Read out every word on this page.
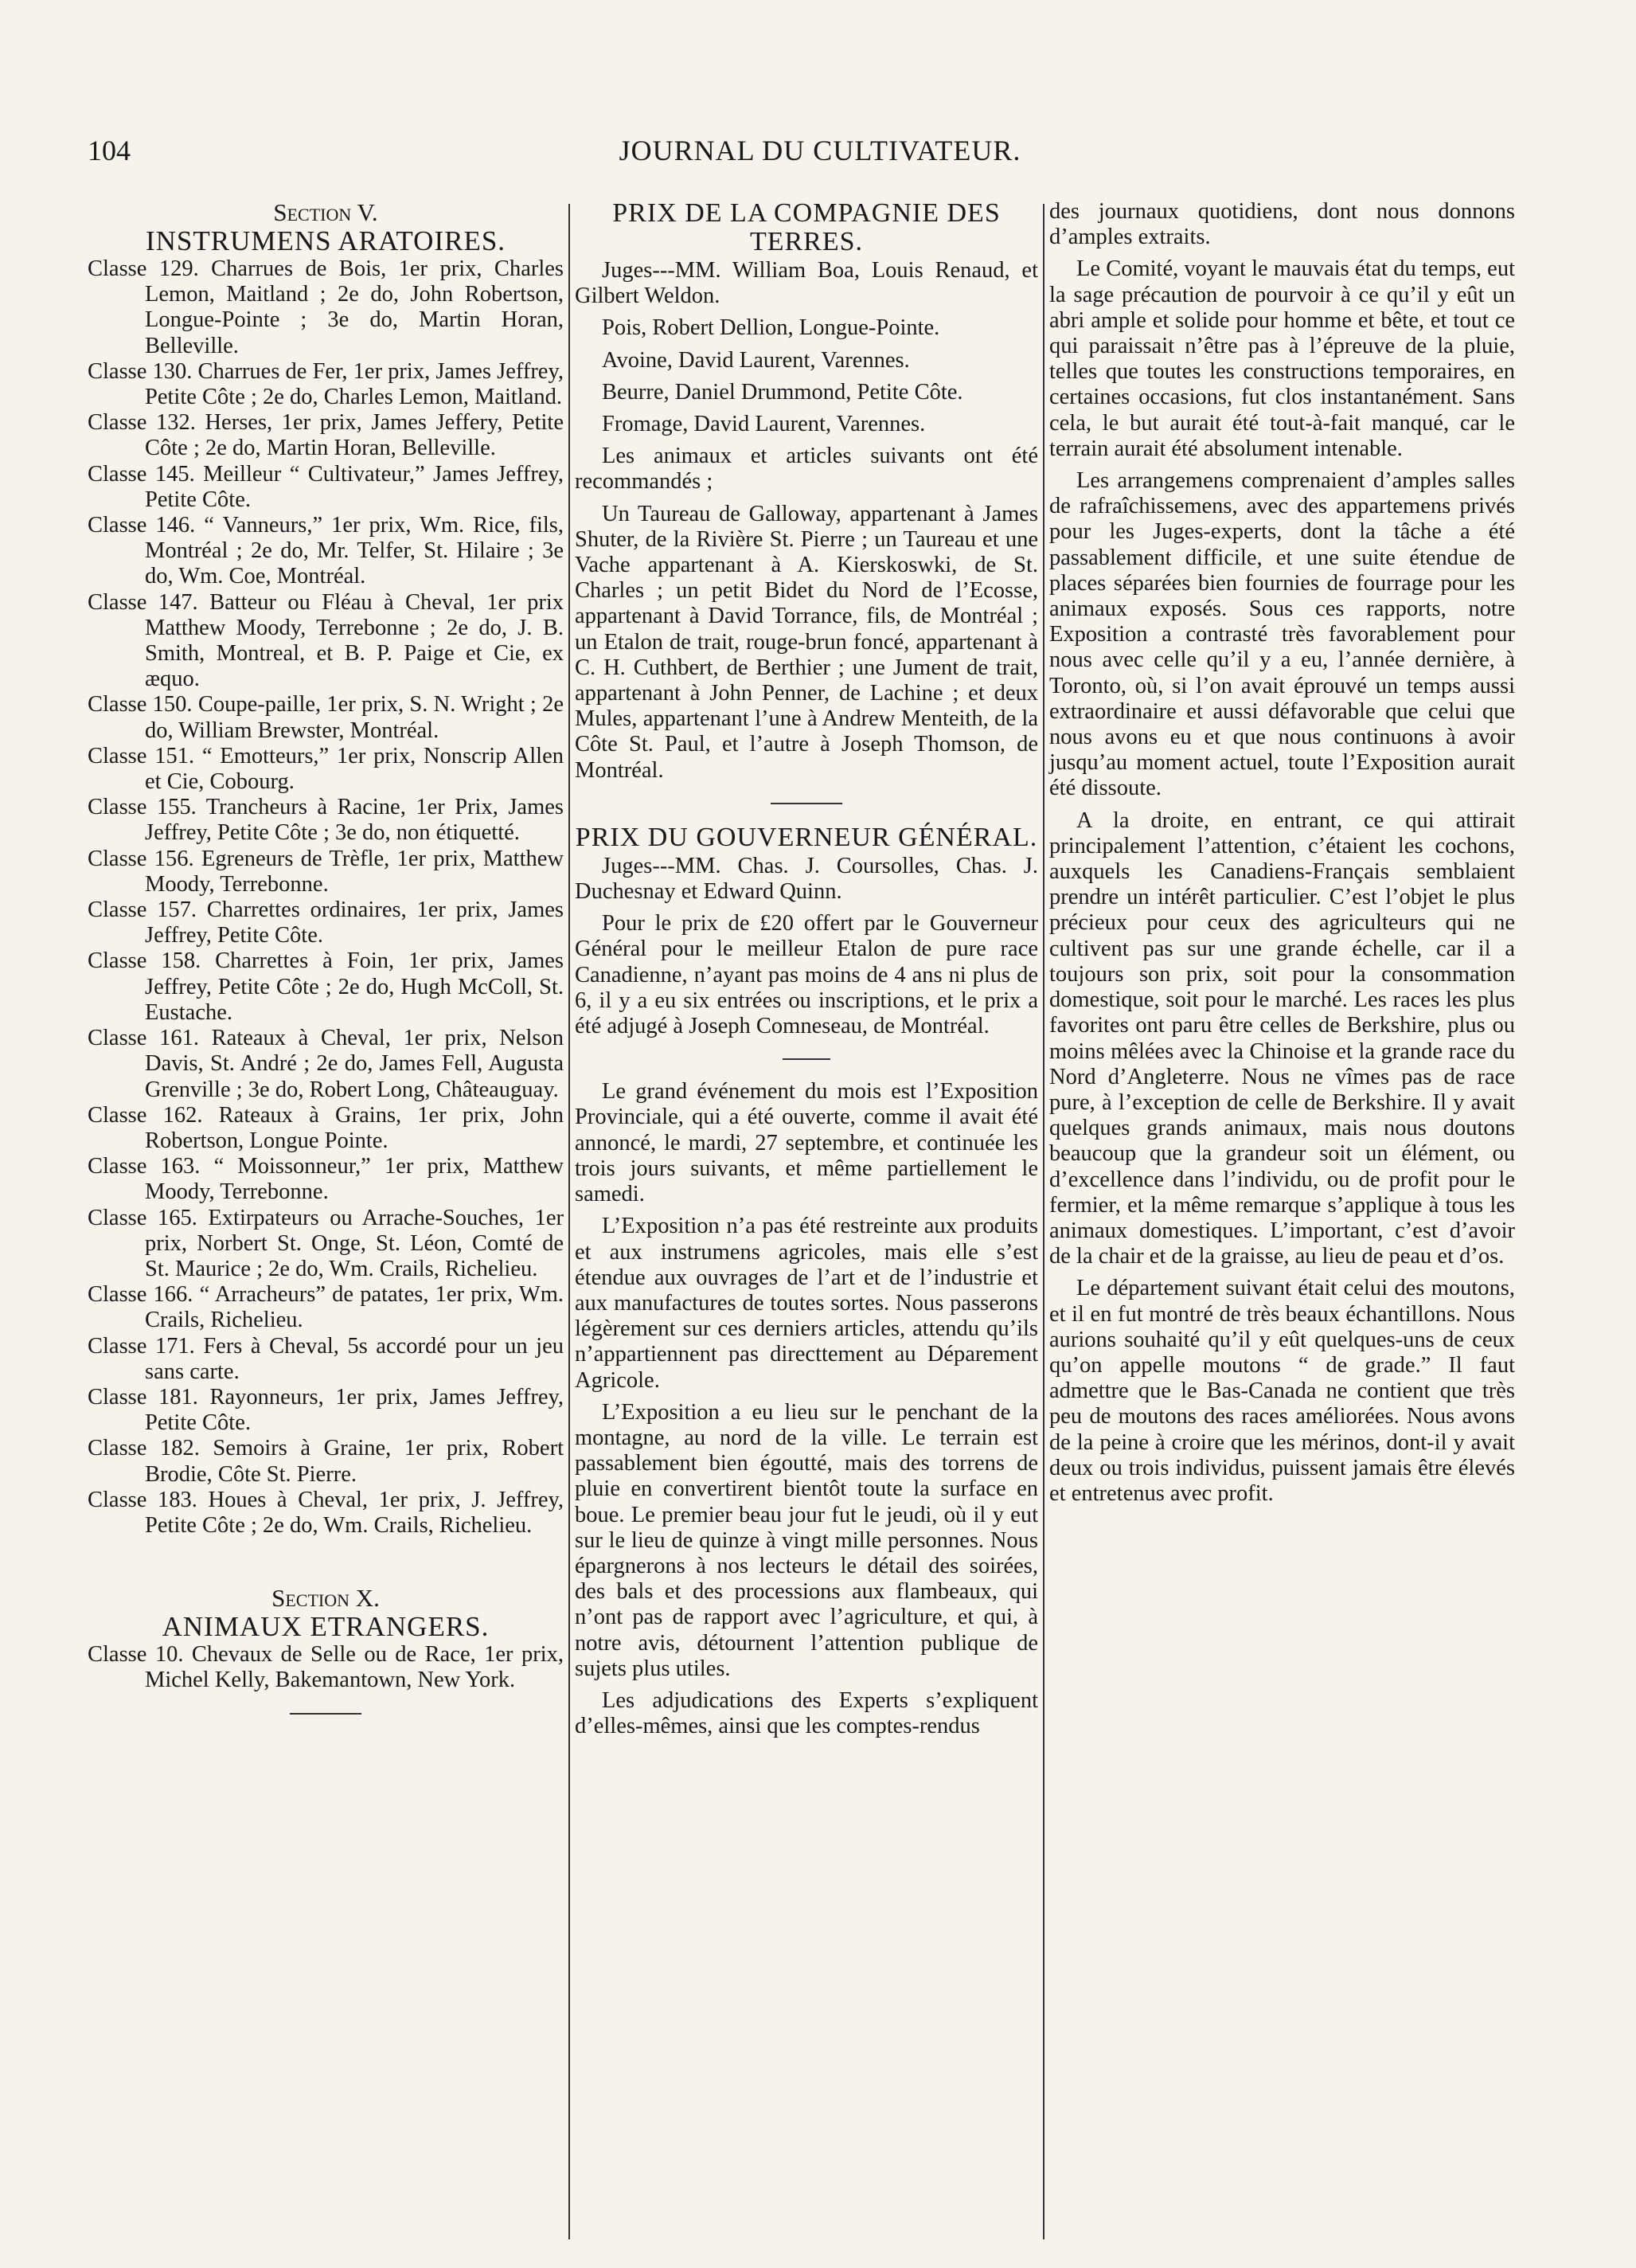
104	JOURNAL DU CULTIVATEUR.
Section V.
INSTRUMENS ARATOIRES.

Classe 129. Charrues de Bois, 1er prix, Charles Lemon, Maitland ; 2e do, John Robertson, Longue-Pointe ; 3e do, Martin Horan, Belleville.

Classe 130. Charrues de Fer, 1er prix, James Jeffrey, Petite Côte ; 2e do, Charles Lemon, Maitland.

Classe 132. Herses, 1er prix, James Jeffery, Petite Côte ; 2e do, Martin Horan, Belleville.

Classe 145. Meilleur “ Cultivateur,” James Jeffrey, Petite Côte.

Classe 146. “ Vanneurs,” 1er prix, Wm. Rice, fils, Montréal ; 2e do, Mr. Telfer, St. Hilaire ; 3e do, Wm. Coe, Montréal.

Classe 147. Batteur ou Fléau à Cheval, 1er prix Matthew Moody, Terrebonne ; 2e do, J. B. Smith, Montreal, et B. P. Paige et Cie, ex æquo.

Classe 150. Coupe-paille, 1er prix, S. N. Wright ; 2e do, William Brewster, Montréal.

Classe 151. “ Emotteurs,” 1er prix, Nonscrip Allen et Cie, Cobourg.

Classe 155. Trancheurs à Racine, 1er Prix, James Jeffrey, Petite Côte ; 3e do, non étiquetté.

Classe 156. Egreneurs de Trèfle, 1er prix, Matthew Moody, Terrebonne.

Classe 157. Charrettes ordinaires, 1er prix, James Jeffrey, Petite Côte.

Classe 158. Charrettes à Foin, 1er prix, James Jeffrey, Petite Côte ; 2e do, Hugh McColl, St. Eustache.

Classe 161. Rateaux à Cheval, 1er prix, Nelson Davis, St. André ; 2e do, James Fell, Augusta Grenville ; 3e do, Robert Long, Châteauguay.

Classe 162. Rateaux à Grains, 1er prix, John Robertson, Longue Pointe.

Classe 163. “ Moissonneur,” 1er prix, Matthew Moody, Terrebonne.

Classe 165. Extirpateurs ou Arrache-Souches, 1er prix, Norbert St. Onge, St. Léon, Comté de St. Maurice ; 2e do, Wm. Crails, Richelieu.

Classe 166. “ Arracheurs” de patates, 1er prix, Wm. Crails, Richelieu.

Classe 171. Fers à Cheval, 5s accordé pour un jeu sans carte.

Classe 181. Rayonneurs, 1er prix, James Jeffrey, Petite Côte.

Classe 182. Semoirs à Graine, 1er prix, Robert Brodie, Côte St. Pierre.

Classe 183. Houes à Cheval, 1er prix, J. Jeffrey, Petite Côte ; 2e do, Wm. Crails, Richelieu.

Section X.
ANIMAUX ETRANGERS.

Classe 10. Chevaux de Selle ou de Race, 1er prix, Michel Kelly, Bakemantown, New York.

PRIX DE LA COMPAGNIE DES TERRES.

Juges---MM. William Boa, Louis Renaud, et Gilbert Weldon.

Pois, Robert Dellion, Longue-Pointe.

Avoine, David Laurent, Varennes.

Beurre, Daniel Drummond, Petite Côte.

Fromage, David Laurent, Varennes.

Les animaux et articles suivants ont été recommandés ;

Un Taureau de Galloway, appartenant à James Shuter, de la Rivière St. Pierre ; un Taureau et une Vache appartenant à A. Kierskoswki, de St. Charles ; un petit Bidet du Nord de l’Ecosse, appartenant à David Torrance, fils, de Montréal ; un Etalon de trait, rouge-brun foncé, appartenant à C. H. Cuthbert, de Berthier ; une Jument de trait, appartenant à John Penner, de Lachine ; et deux Mules, appartenant l’une à Andrew Menteith, de la Côte St. Paul, et l’autre à Joseph Thomson, de Montréal.

PRIX DU GOUVERNEUR GÉNÉRAL.

Juges---MM. Chas. J. Coursolles, Chas. J. Duchesnay et Edward Quinn.

Pour le prix de £20 offert par le Gouverneur Général pour le meilleur Etalon de pure race Canadienne, n’ayant pas moins de 4 ans ni plus de 6, il y a eu six entrées ou inscriptions, et le prix a été adjugé à Joseph Comneseau, de Montréal.

Le grand événement du mois est l’Exposition Provinciale, qui a été ouverte, comme il avait été annoncé, le mardi, 27 septembre, et continuée les trois jours suivants, et même partiellement le samedi.

L’Exposition n’a pas été restreinte aux produits et aux instrumens agricoles, mais elle s’est étendue aux ouvrages de l’art et de l’industrie et aux manufactures de toutes sortes. Nous passerons légèrement sur ces derniers articles, attendu qu’ils n’appartiennent pas directtement au Déparement Agricole.

L’Exposition a eu lieu sur le penchant de la montagne, au nord de la ville. Le terrain est passablement bien égoutté, mais des torrens de pluie en convertirent bientôt toute la surface en boue. Le premier beau jour fut le jeudi, où il y eut sur le lieu de quinze à vingt mille personnes. Nous épargnerons à nos lecteurs le détail des soirées, des bals et des processions aux flambeaux, qui n’ont pas de rapport avec l’agriculture, et qui, à notre avis, détournent l’attention publique de sujets plus utiles.

Les adjudications des Experts s’expliquent d’elles-mêmes, ainsi que les comptes-rendus

des journaux quotidiens, dont nous donnons d’amples extraits.

Le Comité, voyant le mauvais état du temps, eut la sage précaution de pourvoir à ce qu’il y eût un abri ample et solide pour homme et bête, et tout ce qui paraissait n’être pas à l’épreuve de la pluie, telles que toutes les constructions temporaires, en certaines occasions, fut clos instantanément. Sans cela, le but aurait été tout-à-fait manqué, car le terrain aurait été absolument intenable.

Les arrangemens comprenaient d’amples salles de rafraîchissemens, avec des appartemens privés pour les Juges-experts, dont la tâche a été passablement difficile, et une suite étendue de places séparées bien fournies de fourrage pour les animaux exposés. Sous ces rapports, notre Exposition a contrasté très favorablement pour nous avec celle qu’il y a eu, l’année dernière, à Toronto, où, si l’on avait éprouvé un temps aussi extraordinaire et aussi défavorable que celui que nous avons eu et que nous continuons à avoir jusqu’au moment actuel, toute l’Exposition aurait été dissoute.

A la droite, en entrant, ce qui attirait principalement l’attention, c’étaient les cochons, auxquels les Canadiens-Français semblaient prendre un intérêt particulier. C’est l’objet le plus précieux pour ceux des agriculteurs qui ne cultivent pas sur une grande échelle, car il a toujours son prix, soit pour la consommation domestique, soit pour le marché. Les races les plus favorites ont paru être celles de Berkshire, plus ou moins mêlées avec la Chinoise et la grande race du Nord d’Angleterre. Nous ne vîmes pas de race pure, à l’exception de celle de Berkshire. Il y avait quelques grands animaux, mais nous doutons beaucoup que la grandeur soit un élément, ou d’excellence dans l’individu, ou de profit pour le fermier, et la même remarque s’applique à tous les animaux domestiques. L’important, c’est d’avoir de la chair et de la graisse, au lieu de peau et d’os.

Le département suivant était celui des moutons, et il en fut montré de très beaux échantillons. Nous aurions souhaité qu’il y eût quelques-uns de ceux qu’on appelle moutons “ de grade.” Il faut admettre que le Bas-Canada ne contient que très peu de moutons des races améliorées. Nous avons de la peine à croire que les mérinos, dont-il y avait deux ou trois individus, puissent jamais être élevés et entretenus avec profit.
